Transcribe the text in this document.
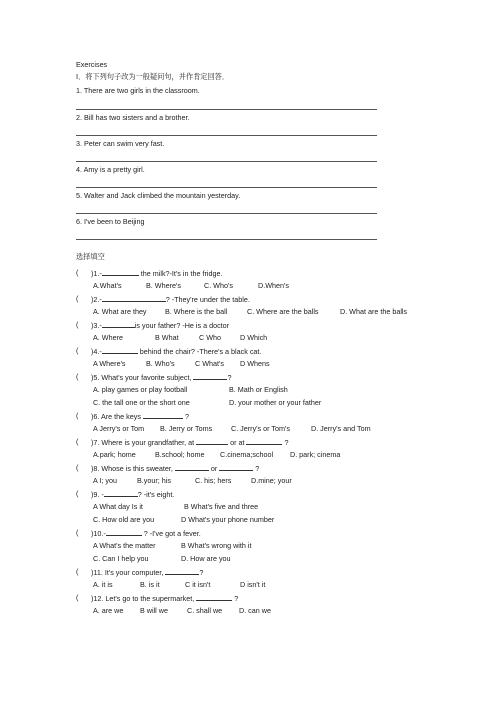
Exercises
Ⅰ．将下列句子改为一般疑问句，并作肯定回答．
1. There are two girls in the classroom.
2. Bill has two sisters and a brother.
3. Peter can swim very fast.
4. Amy is a pretty girl.
5. Walter and Jack climbed the mountain yesterday.
6. I've been to Beijing
选择填空
( )1.-	the milk?-It's in the fridge.
A.What's	B. Where's	C. Who's	D.When's
( )2.-	? -They're under the table.
A. What are they	B. Where is the ball	C. Where are the balls	D. What are the balls
( )3.-	is your father? -He is a doctor
A. Where	B What	C Who	D Which
( )4.-	behind the chair? -There's a black cat.
A Where's	B. Who's	C What's D Whens
( )5. What's your favorite subject,	?
A. play games or play football	B. Math or English
C. the tall one or the short one	D. your mother or your father
( )6. Are the keys	?
A Jerry's or Tom B. Jerry or Toms	C. Jerry's or Tom's	D. Jerry's and Tom
( )7. Where is your grandfather, at	or at	?
A.park; home	B.school; home C.cinema;school D. park; cinema
( )8. Whose is this sweater,	or	?
A I; you	B.your; his	C. his; hers	D.mine; your
( )9. -	? -it's eight.
A What day Is it	B What's five and three
C. How old are you	D What's your phone number
( )10.-	? -I've got a fever.
A What's the matter	B What's wrong with it
C. Can I help you	D. How are you
( )11. It's your computer,	?
A. it is	B. is it	C it isn't	D isn't it
( )12. Let's go to the supermarket,	?
A. are we B will we	C. shall we D. can we
